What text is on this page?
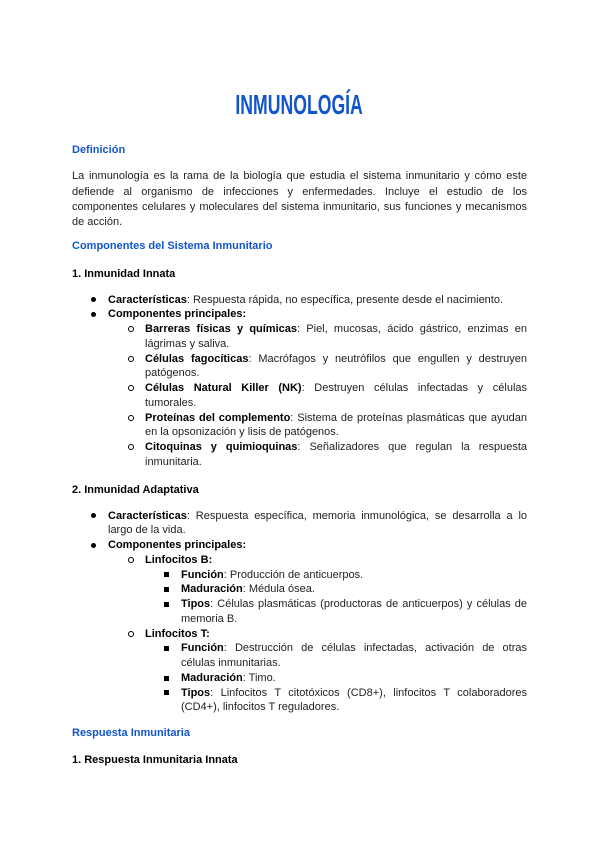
INMUNOLOGÍA
Definición
La inmunología es la rama de la biología que estudia el sistema inmunitario y cómo este defiende al organismo de infecciones y enfermedades. Incluye el estudio de los componentes celulares y moleculares del sistema inmunitario, sus funciones y mecanismos de acción.
Componentes del Sistema Inmunitario
1. Inmunidad Innata
Características: Respuesta rápida, no específica, presente desde el nacimiento.
Componentes principales:
Barreras físicas y químicas: Piel, mucosas, ácido gástrico, enzimas en lágrimas y saliva.
Células fagocíticas: Macrófagos y neutrófilos que engullen y destruyen patógenos.
Células Natural Killer (NK): Destruyen células infectadas y células tumorales.
Proteínas del complemento: Sistema de proteínas plasmáticas que ayudan en la opsonización y lisis de patógenos.
Citoquinas y quimioquinas: Señalizadores que regulan la respuesta inmunitaria.
2. Inmunidad Adaptativa
Características: Respuesta específica, memoria inmunológica, se desarrolla a lo largo de la vida.
Componentes principales:
Linfocitos B:
Función: Producción de anticuerpos.
Maduración: Médula ósea.
Tipos: Células plasmáticas (productoras de anticuerpos) y células de memoria B.
Linfocitos T:
Función: Destrucción de células infectadas, activación de otras células inmunitarias.
Maduración: Timo.
Tipos: Linfocitos T citotóxicos (CD8+), linfocitos T colaboradores (CD4+), linfocitos T reguladores.
Respuesta Inmunitaria
1. Respuesta Inmunitaria Innata
